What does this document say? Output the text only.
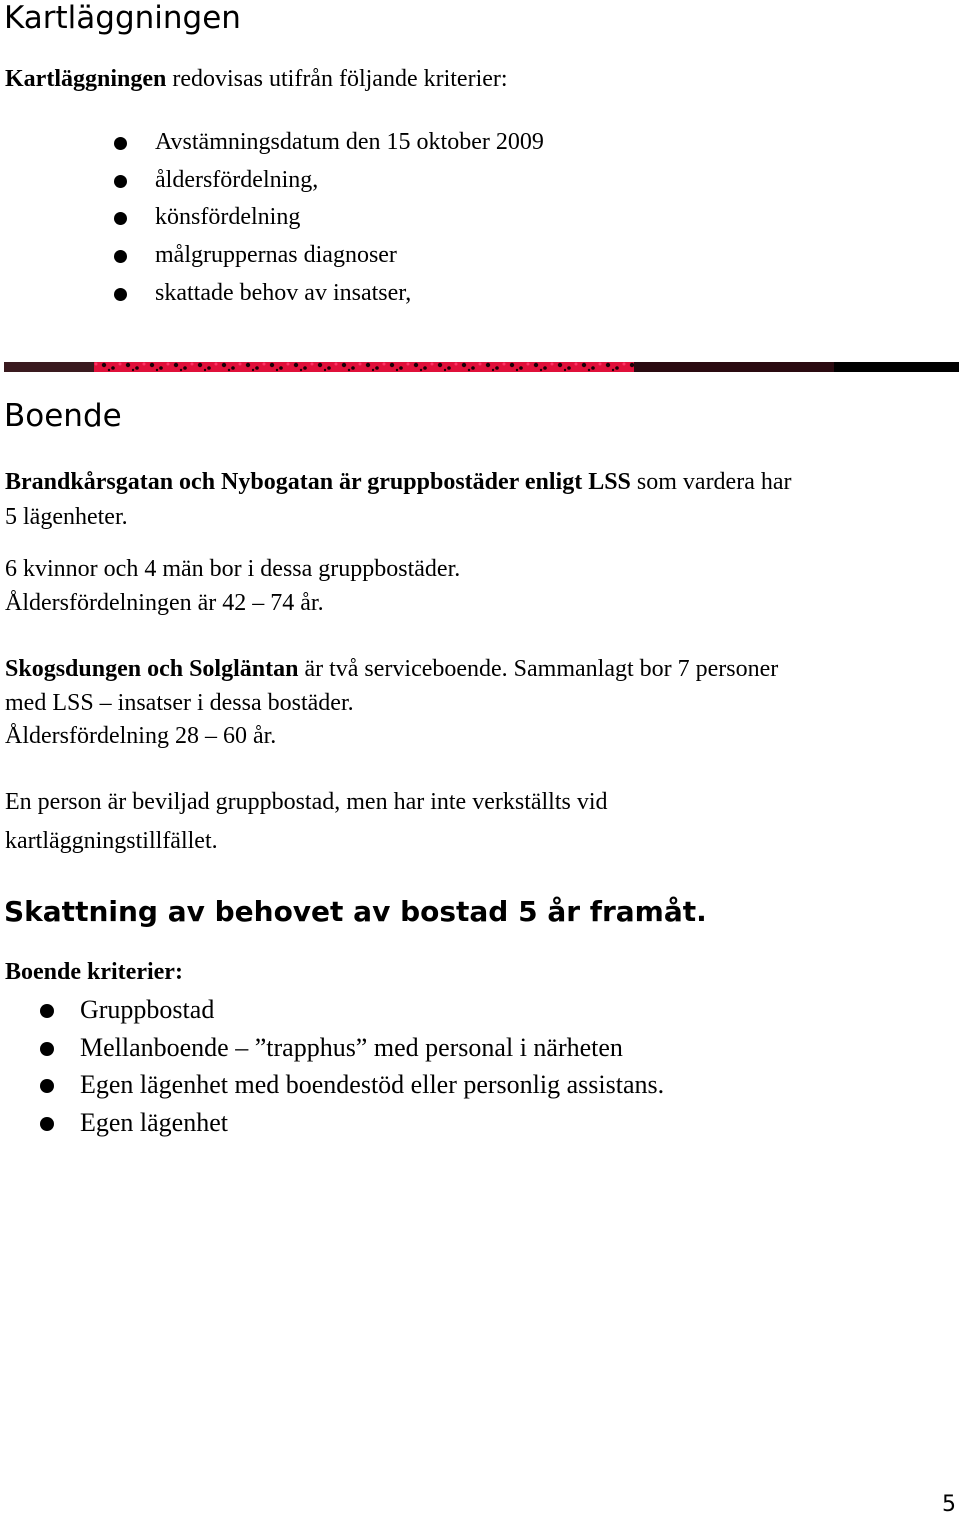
Kartläggningen
Kartläggningen redovisas utifrån följande kriterier:
Avstämningsdatum den 15 oktober 2009
åldersfördelning,
könsfördelning
målgruppernas diagnoser
skattade behov av insatser,
Boende
Brandkårsgatan och Nybogatan är gruppbostäder enligt LSS som vardera har
5 lägenheter.
6 kvinnor och 4 män bor i dessa gruppbostäder.
Åldersfördelningen är 42 – 74 år.
Skogsdungen och Solgläntan är två serviceboende. Sammanlagt bor 7 personer
med LSS – insatser i dessa bostäder.
Åldersfördelning 28 – 60 år.
En person är beviljad gruppbostad, men har inte verkställts vid
kartläggningstillfället.
Skattning av behovet av bostad 5 år framåt.
Boende kriterier:
Gruppbostad
Mellanboende – ”trapphus” med personal i närheten
Egen lägenhet med boendestöd eller personlig assistans.
Egen lägenhet
5
